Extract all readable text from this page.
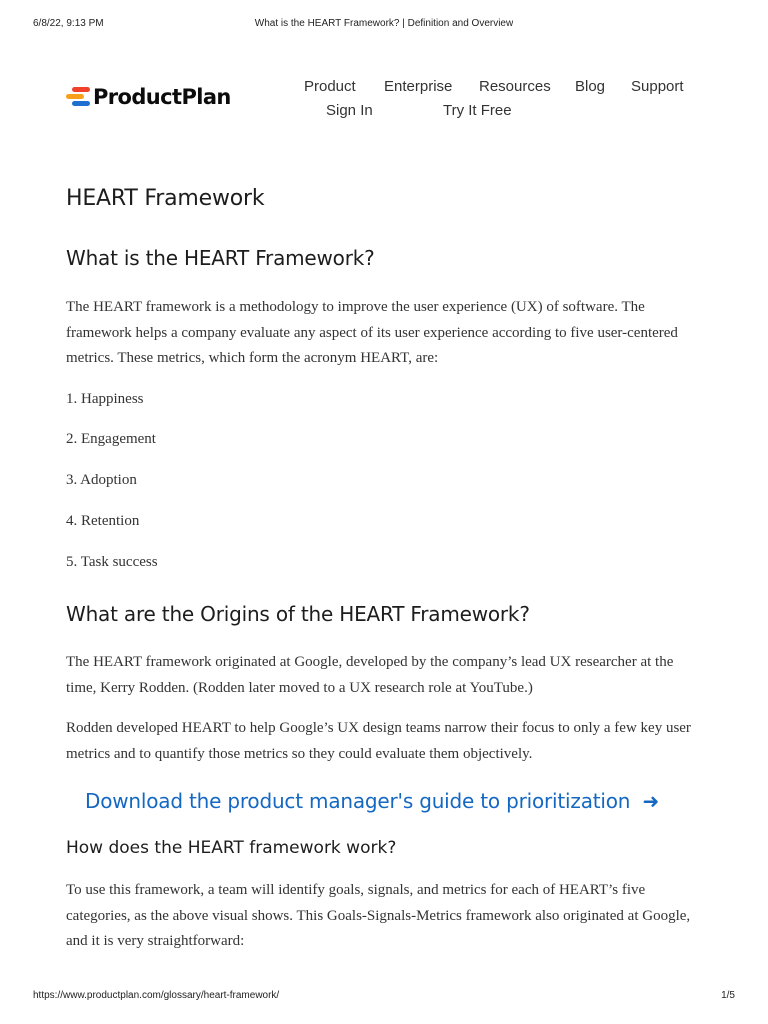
6/8/22, 9:13 PM	What is the HEART Framework? | Definition and Overview
ProductPlan	Product Enterprise Resources Blog Support
Sign In	Try It Free
HEART Framework
What is the HEART Framework?

The HEART framework is a methodology to improve the user experience (UX) of software. The framework helps a company evaluate any aspect of its user experience according to five user-centered metrics. These metrics, which form the acronym HEART, are:

1. Happiness
2. Engagement
3. Adoption
4. Retention
5. Task success
What are the Origins of the HEART Framework?

The HEART framework originated at Google, developed by the company’s lead UX researcher at the time, Kerry Rodden. (Rodden later moved to a UX research role at YouTube.)

Rodden developed HEART to help Google’s UX design teams narrow their focus to only a few key user metrics and to quantify those metrics so they could evaluate them objectively.

Download the product manager's guide to prioritization ➜
How does the HEART framework work?

To use this framework, a team will identify goals, signals, and metrics for each of HEART’s five categories, as the above visual shows. This Goals-Signals-Metrics framework also originated at Google, and it is very straightforward:

https://www.productplan.com/glossary/heart-framework/	1/5
